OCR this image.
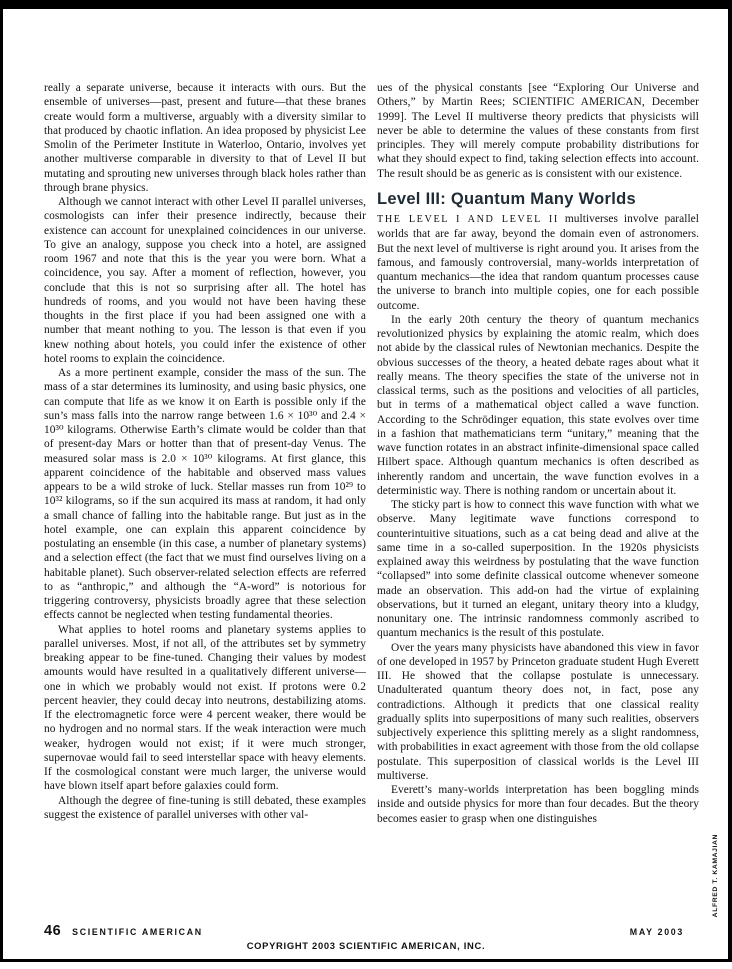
really a separate universe, because it interacts with ours. But the ensemble of universes—past, present and future—that these branes create would form a multiverse, arguably with a diversity similar to that produced by chaotic inflation. An idea proposed by physicist Lee Smolin of the Perimeter Institute in Waterloo, Ontario, involves yet another multiverse comparable in diversity to that of Level II but mutating and sprouting new universes through black holes rather than through brane physics.

Although we cannot interact with other Level II parallel universes, cosmologists can infer their presence indirectly, because their existence can account for unexplained coincidences in our universe. To give an analogy, suppose you check into a hotel, are assigned room 1967 and note that this is the year you were born. What a coincidence, you say. After a moment of reflection, however, you conclude that this is not so surprising after all. The hotel has hundreds of rooms, and you would not have been having these thoughts in the first place if you had been assigned one with a number that meant nothing to you. The lesson is that even if you knew nothing about hotels, you could infer the existence of other hotel rooms to explain the coincidence.

As a more pertinent example, consider the mass of the sun. The mass of a star determines its luminosity, and using basic physics, one can compute that life as we know it on Earth is possible only if the sun’s mass falls into the narrow range between 1.6 × 10³⁰ and 2.4 × 10³⁰ kilograms. Otherwise Earth’s climate would be colder than that of present-day Mars or hotter than that of present-day Venus. The measured solar mass is 2.0 × 10³⁰ kilograms. At first glance, this apparent coincidence of the habitable and observed mass values appears to be a wild stroke of luck. Stellar masses run from 10²⁹ to 10³² kilograms, so if the sun acquired its mass at random, it had only a small chance of falling into the habitable range. But just as in the hotel example, one can explain this apparent coincidence by postulating an ensemble (in this case, a number of planetary systems) and a selection effect (the fact that we must find ourselves living on a habitable planet). Such observer-related selection effects are referred to as “anthropic,” and although the “A-word” is notorious for triggering controversy, physicists broadly agree that these selection effects cannot be neglected when testing fundamental theories.

What applies to hotel rooms and planetary systems applies to parallel universes. Most, if not all, of the attributes set by symmetry breaking appear to be fine-tuned. Changing their values by modest amounts would have resulted in a qualitatively different universe—one in which we probably would not exist. If protons were 0.2 percent heavier, they could decay into neutrons, destabilizing atoms. If the electromagnetic force were 4 percent weaker, there would be no hydrogen and no normal stars. If the weak interaction were much weaker, hydrogen would not exist; if it were much stronger, supernovae would fail to seed interstellar space with heavy elements. If the cosmological constant were much larger, the universe would have blown itself apart before galaxies could form.

Although the degree of fine-tuning is still debated, these examples suggest the existence of parallel universes with other val-

ues of the physical constants [see “Exploring Our Universe and Others,” by Martin Rees; SCIENTIFIC AMERICAN, December 1999]. The Level II multiverse theory predicts that physicists will never be able to determine the values of these constants from first principles. They will merely compute probability distributions for what they should expect to find, taking selection effects into account. The result should be as generic as is consistent with our existence.

Level III: Quantum Many Worlds

THE LEVEL I AND LEVEL II multiverses involve parallel worlds that are far away, beyond the domain even of astronomers. But the next level of multiverse is right around you. It arises from the famous, and famously controversial, many-worlds interpretation of quantum mechanics—the idea that random quantum processes cause the universe to branch into multiple copies, one for each possible outcome.

In the early 20th century the theory of quantum mechanics revolutionized physics by explaining the atomic realm, which does not abide by the classical rules of Newtonian mechanics. Despite the obvious successes of the theory, a heated debate rages about what it really means. The theory specifies the state of the universe not in classical terms, such as the positions and velocities of all particles, but in terms of a mathematical object called a wave function. According to the Schrödinger equation, this state evolves over time in a fashion that mathematicians term “unitary,” meaning that the wave function rotates in an abstract infinite-dimensional space called Hilbert space. Although quantum mechanics is often described as inherently random and uncertain, the wave function evolves in a deterministic way. There is nothing random or uncertain about it.

The sticky part is how to connect this wave function with what we observe. Many legitimate wave functions correspond to counterintuitive situations, such as a cat being dead and alive at the same time in a so-called superposition. In the 1920s physicists explained away this weirdness by postulating that the wave function “collapsed” into some definite classical outcome whenever someone made an observation. This add-on had the virtue of explaining observations, but it turned an elegant, unitary theory into a kludgy, nonunitary one. The intrinsic randomness commonly ascribed to quantum mechanics is the result of this postulate.

Over the years many physicists have abandoned this view in favor of one developed in 1957 by Princeton graduate student Hugh Everett III. He showed that the collapse postulate is unnecessary. Unadulterated quantum theory does not, in fact, pose any contradictions. Although it predicts that one classical reality gradually splits into superpositions of many such realities, observers subjectively experience this splitting merely as a slight randomness, with probabilities in exact agreement with those from the old collapse postulate. This superposition of classical worlds is the Level III multiverse.

Everett’s many-worlds interpretation has been boggling minds inside and outside physics for more than four decades. But the theory becomes easier to grasp when one distinguishes

ALFRED T. KAMAJIAN
46 SCIENTIFIC AMERICAN	MAY 2003
COPYRIGHT 2003 SCIENTIFIC AMERICAN, INC.
